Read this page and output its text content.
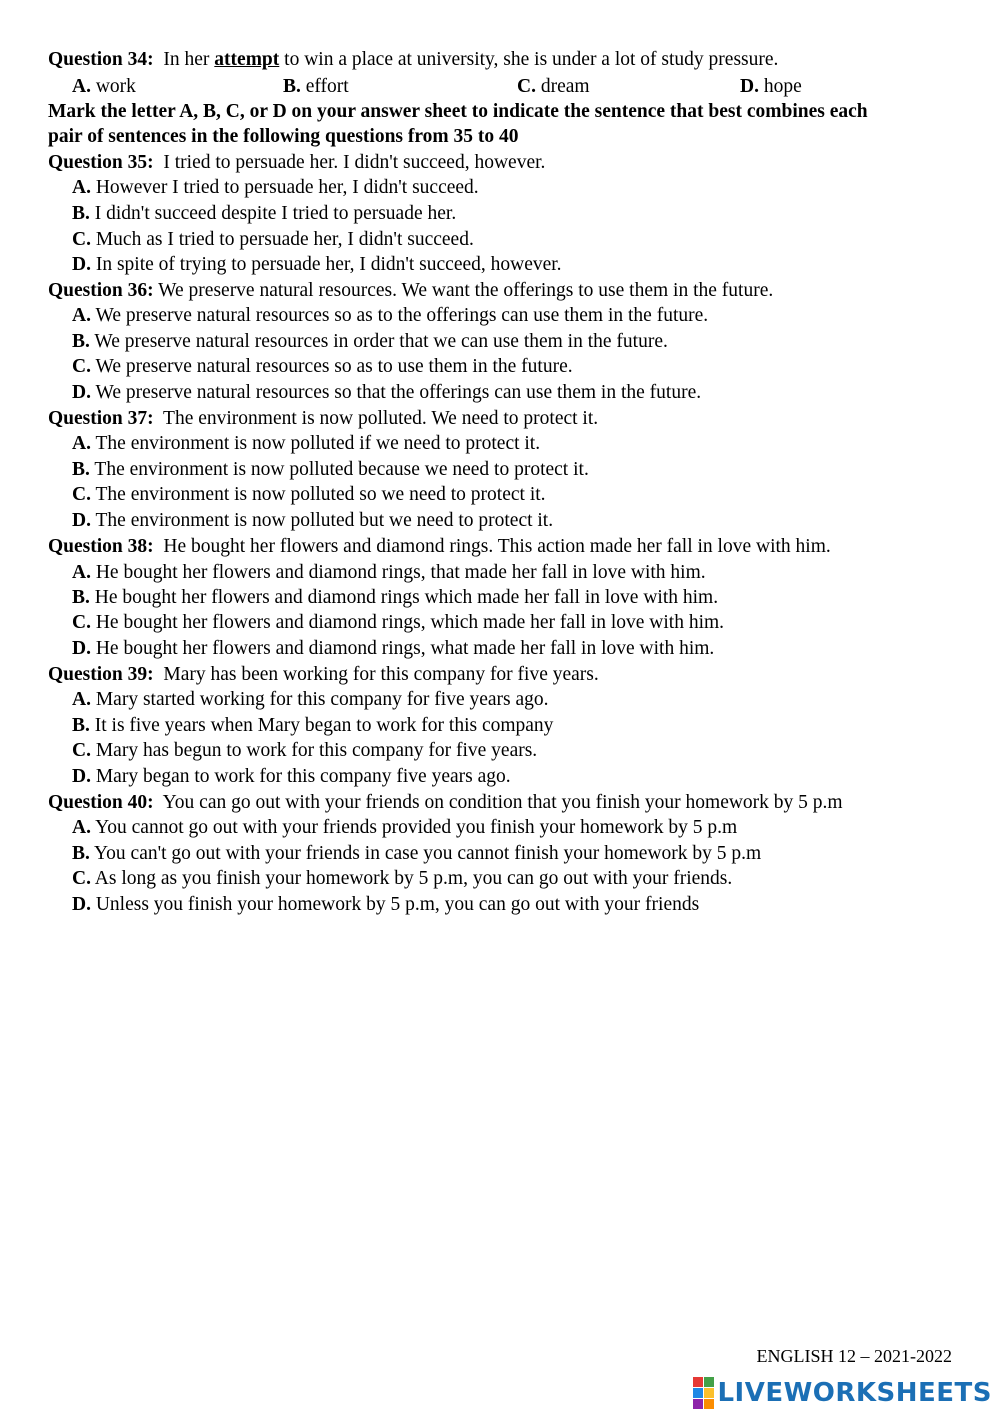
Question 34: In her attempt to win a place at university, she is under a lot of study pressure.
A. work	B. effort	C. dream	D. hope
Mark the letter A, B, C, or D on your answer sheet to indicate the sentence that best combines each
pair of sentences in the following questions from 35 to 40
Question 35: I tried to persuade her. I didn't succeed, however.
A. However I tried to persuade her, I didn't succeed.
B. I didn't succeed despite I tried to persuade her.
C. Much as I tried to persuade her, I didn't succeed.
D. In spite of trying to persuade her, I didn't succeed, however.
Question 36: We preserve natural resources. We want the offerings to use them in the future.
A. We preserve natural resources so as to the offerings can use them in the future.
B. We preserve natural resources in order that we can use them in the future.
C. We preserve natural resources so as to use them in the future.
D. We preserve natural resources so that the offerings can use them in the future.
Question 37: The environment is now polluted. We need to protect it.
A. The environment is now polluted if we need to protect it.
B. The environment is now polluted because we need to protect it.
C. The environment is now polluted so we need to protect it.
D. The environment is now polluted but we need to protect it.
Question 38: He bought her flowers and diamond rings. This action made her fall in love with him.
A. He bought her flowers and diamond rings, that made her fall in love with him.
B. He bought her flowers and diamond rings which made her fall in love with him.
C. He bought her flowers and diamond rings, which made her fall in love with him.
D. He bought her flowers and diamond rings, what made her fall in love with him.
Question 39: Mary has been working for this company for five years.
A. Mary started working for this company for five years ago.
B. It is five years when Mary began to work for this company
C. Mary has begun to work for this company for five years.
D. Mary began to work for this company five years ago.
Question 40: You can go out with your friends on condition that you finish your homework by 5 p.m
A. You cannot go out with your friends provided you finish your homework by 5 p.m
B. You can't go out with your friends in case you cannot finish your homework by 5 p.m
C. As long as you finish your homework by 5 p.m, you can go out with your friends.
D. Unless you finish your homework by 5 p.m, you can go out with your friends
ENGLISH 12 – 2021-2022
LIVEWORKSHEETS
